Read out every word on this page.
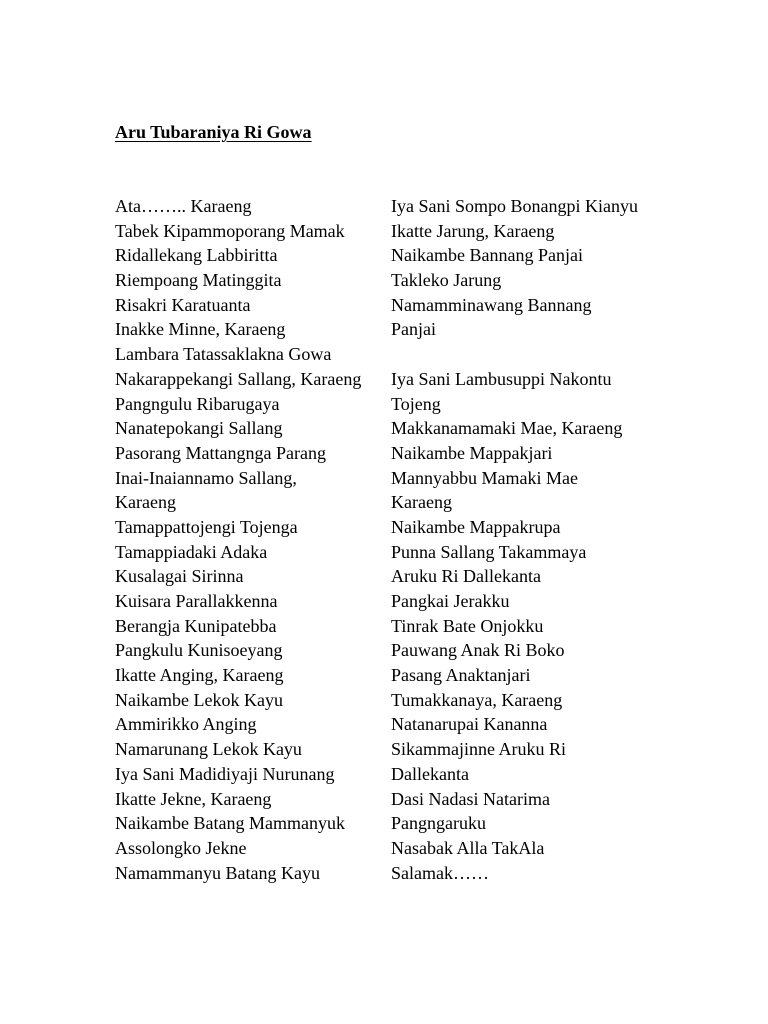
Aru Tubaraniya Ri Gowa
Ata…….. Karaeng
Tabek Kipammoporang Mamak
Ridallekang Labbiritta
Riempoang Matinggita
Risakri Karatuanta
Inakke Minne, Karaeng
Lambara Tatassaklakna Gowa
Nakarappekangi Sallang, Karaeng
Pangngulu Ribarugaya
Nanatepokangi Sallang
Pasorang Mattangnga Parang
Inai-Inaiannamo Sallang,
Karaeng
Tamappattojengi Tojenga
Tamappiadaki Adaka
Kusalagai Sirinna
Kuisara Parallakkenna
Berangja Kunipatebba
Pangkulu Kunisoeyang
Ikatte Anging, Karaeng
Naikambe Lekok Kayu
Ammirikko Anging
Namarunang Lekok Kayu
Iya Sani Madidiyaji Nurunang
Ikatte Jekne, Karaeng
Naikambe Batang Mammanyuk
Assolongko Jekne
Namammanyu Batang Kayu
Iya Sani Sompo Bonangpi Kianyu
Ikatte Jarung, Karaeng
Naikambe Bannang Panjai
Takleko Jarung
Namamminawang Bannang
Panjai
Iya Sani Lambusuppi Nakontu
Tojeng
Makkanamamaki Mae, Karaeng
Naikambe Mappakjari
Mannyabbu Mamaki Mae
Karaeng
Naikambe Mappakrupa
Punna Sallang Takammaya
Aruku Ri Dallekanta
Pangkai Jerakku
Tinrak Bate Onjokku
Pauwang Anak Ri Boko
Pasang Anaktanjari
Tumakkanaya, Karaeng
Natanarupai Kananna
Sikammajinne Aruku Ri
Dallekanta
Dasi Nadasi Natarima
Pangngaruku
Nasabak Alla TakAla
Salamak……
